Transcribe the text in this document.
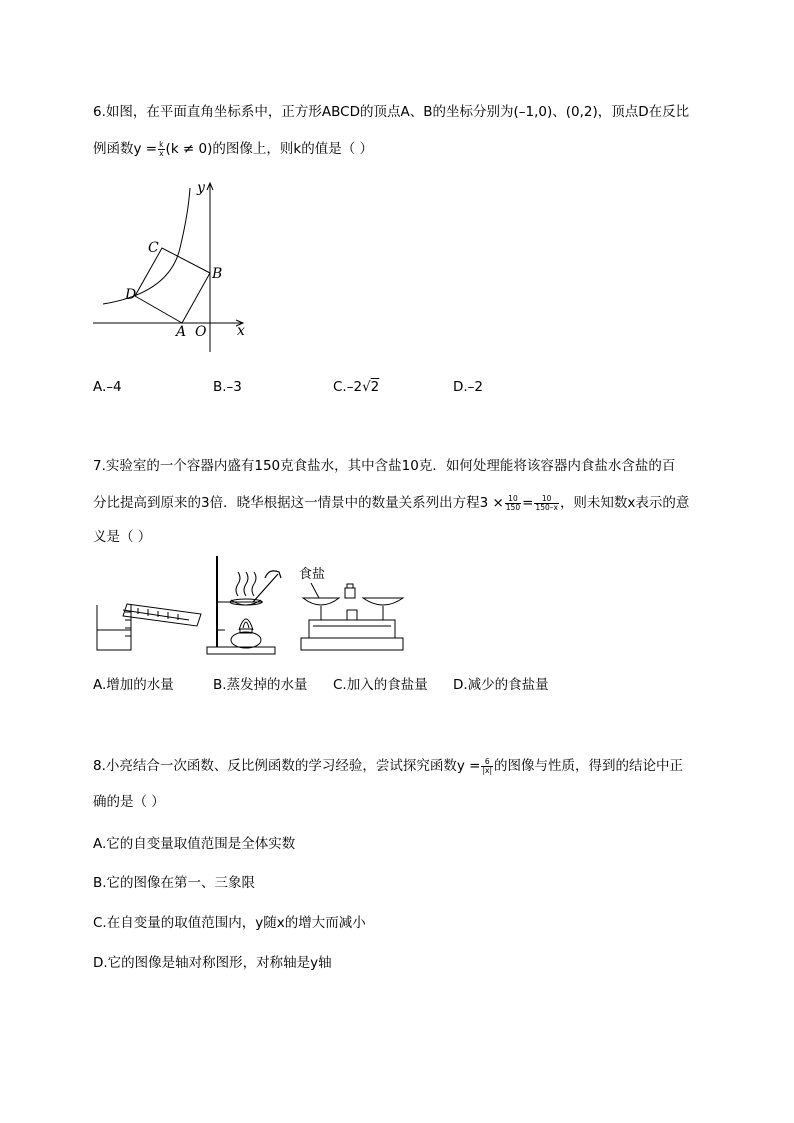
6.如图，在平面直角坐标系中，正方形ABCD的顶点A、B的坐标分别为(–1,0)、(0,2)，顶点D在反比
例函数$y = \frac{k}{x} (k \ne 0)$的图像上，则k的值是（ ）
y
x
O
A
B
C
D
A.–4	B.–3	C.–2√2	D.–2
7.实验室的一个容器内盛有150克食盐水，其中含盐10克．如何处理能将该容器内食盐水含盐的百
分比提高到原来的3倍．晓华根据这一情景中的数量关系列出方程$3 \times \frac{10}{150} = \frac{10}{150-x}$ ，则未知数x表示的意
义是（ ）
食盐
A.增加的水量	B.蒸发掉的水量 C.加入的食盐量 D.减少的食盐量
8.小亮结合一次函数、反比例函数的学习经验，尝试探究函数$y = \frac{6}{|x|}$ 的图像与性质，得到的结论中正
确的是（ ）
A.它的自变量取值范围是全体实数
B.它的图像在第一、三象限
C.在自变量的取值范围内，y随x的增大而减小
D.它的图像是轴对称图形，对称轴是y轴
